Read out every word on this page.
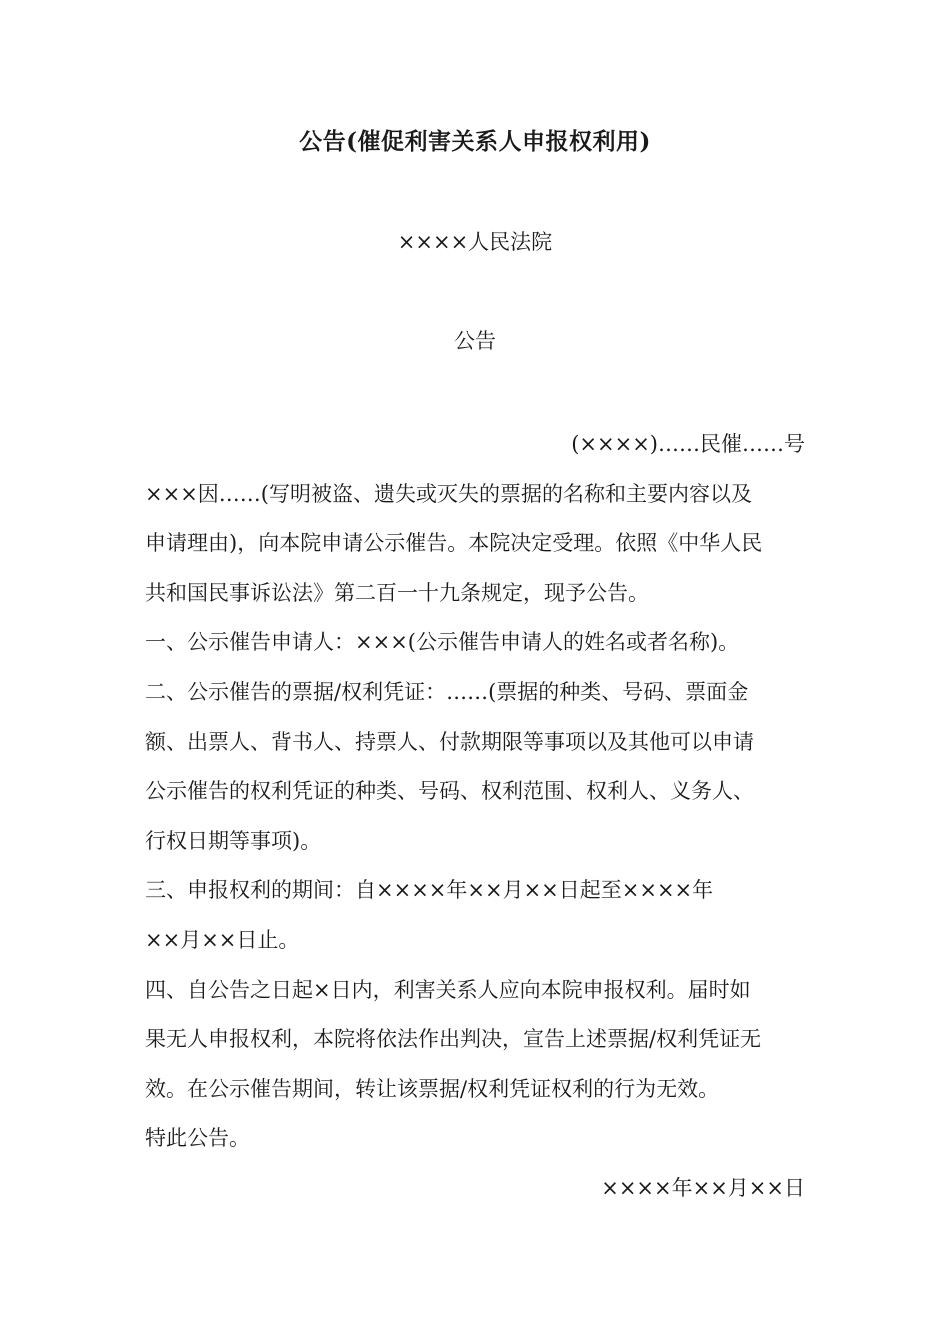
公告(催促利害关系人申报权利用)
××××人民法院
公告
(××××)……民催……号
×××因……(写明被盗、遗失或灭失的票据的名称和主要内容以及
申请理由)，向本院申请公示催告。本院决定受理。依照《中华人民
共和国民事诉讼法》第二百一十九条规定，现予公告。
一、公示催告申请人：×××(公示催告申请人的姓名或者名称)。
二、公示催告的票据/权利凭证：……(票据的种类、号码、票面金
额、出票人、背书人、持票人、付款期限等事项以及其他可以申请
公示催告的权利凭证的种类、号码、权利范围、权利人、义务人、
行权日期等事项)。
三、申报权利的期间：自××××年××月××日起至××××年
××月××日止。
四、自公告之日起×日内，利害关系人应向本院申报权利。届时如
果无人申报权利，本院将依法作出判决，宣告上述票据/权利凭证无
效。在公示催告期间，转让该票据/权利凭证权利的行为无效。
特此公告。
××××年××月××日
